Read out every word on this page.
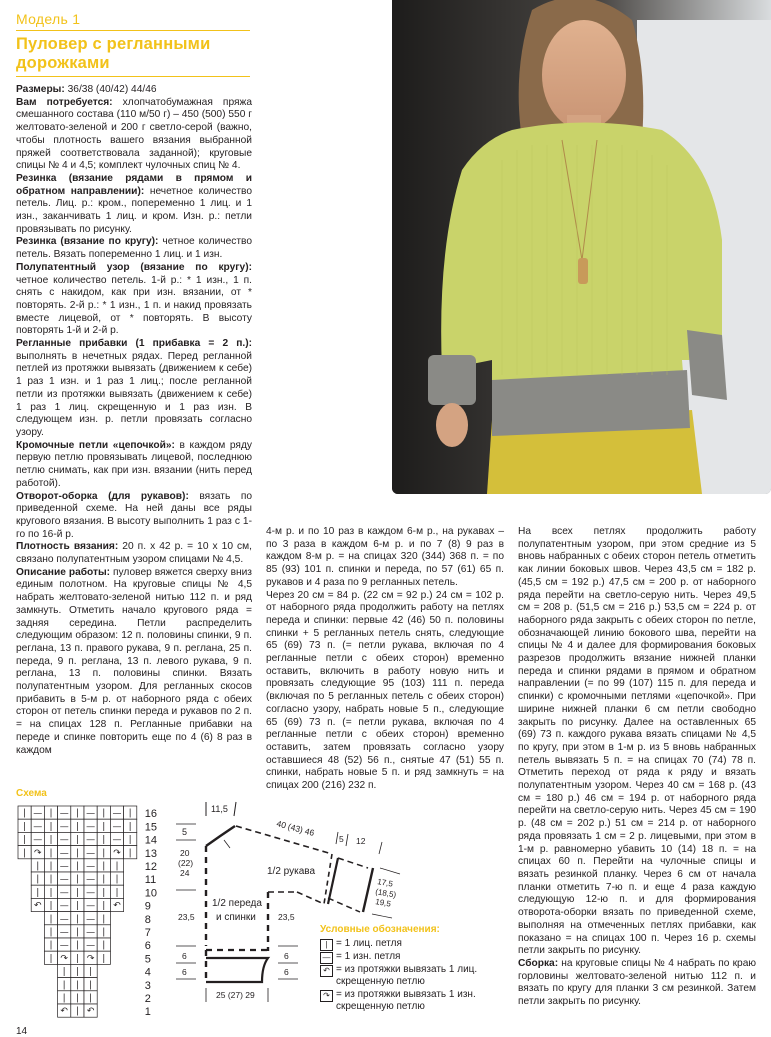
Модель 1
Пуловер с регланными дорожками

Размеры: 36/38 (40/42) 44/46

Вам потребуется: хлопчатобумажная пряжа смешанного состава (110 м/50 г) – 450 (500) 550 г желтовато-зеленой и 200 г светло-серой (важно, чтобы плотность вашего вязания выбранной пряжей соответствовала заданной); круговые спицы № 4 и 4,5; комплект чулочных спиц № 4.

Резинка (вязание рядами в прямом и обратном направлении): нечетное количество петель. Лиц. р.: кром., попеременно 1 лиц. и 1 изн., заканчивать 1 лиц. и кром. Изн. р.: петли провязывать по рисунку.

Резинка (вязание по кругу): четное количество петель. Вязать попеременно 1 лиц. и 1 изн.

Полупатентный узор (вязание по кругу): четное количество петель. 1-й р.: * 1 изн., 1 п. снять с накидом, как при изн. вязании, от * повторять. 2-й р.: * 1 изн., 1 п. и накид провязать вместе лицевой, от * повторять. В высоту повторять 1-й и 2-й р.

Регланные прибавки (1 прибавка = 2 п.): выполнять в нечетных рядах. Перед регланной петлей из протяжки вывязать (движением к себе) 1 раз 1 изн. и 1 раз 1 лиц.; после регланной петли из протяжки вывязать (движением к себе) 1 раз 1 лиц. скрещенную и 1 раз изн. В следующем изн. р. петли провязать согласно узору.

Кромочные петли «цепочкой»: в каждом ряду первую петлю провязывать лицевой, последнюю петлю снимать, как при изн. вязании (нить перед работой).

Отворот-оборка (для рукавов): вязать по приведенной схеме. На ней даны все ряды кругового вязания. В высоту выполнить 1 раз с 1-го по 16-й р.

Плотность вязания: 20 п. х 42 р. = 10 х 10 см, связано полупатентным узором спицами № 4,5.

Описание работы: пуловер вяжется сверху вниз единым полотном. На круговые спицы № 4,5 набрать желтовато-зеленой нитью 112 п. и ряд замкнуть. Отметить начало кругового ряда = задняя середина. Петли распределить следующим образом: 12 п. половины спинки, 9 п. реглана, 13 п. правого рукава, 9 п. реглана, 25 п. переда, 9 п. реглана, 13 п. левого рукава, 9 п. реглана, 13 п. половины спинки. Вязать полупатентным узором. Для регланных скосов прибавить в 5-м р. от наборного ряда с обеих сторон от петель спинки переда и рукавов по 2 п. = на спицах 128 п. Регланные прибавки на переде и спинке повторить еще по 4 (6) 8 раз в каждом

4-м р. и по 10 раз в каждом 6-м р., на рукавах – по 3 раза в каждом 6-м р. и по 7 (8) 9 раз в каждом 8-м р. = на спицах 320 (344) 368 п. = по 85 (93) 101 п. спинки и переда, по 57 (61) 65 п. рукавов и 4 раза по 9 регланных петель.

Через 20 см = 84 р. (22 см = 92 р.) 24 см = 102 р. от наборного ряда продолжить работу на петлях переда и спинки: первые 42 (46) 50 п. половины спинки + 5 регланных петель снять, следующие 65 (69) 73 п. (= петли рукава, включая по 4 регланные петли с обеих сторон) временно оставить, включить в работу новую нить и провязать следующие 95 (103) 111 п. переда (включая по 5 регланных петель с обеих сторон) согласно узору, набрать новые 5 п., следующие 65 (69) 73 п. (= петли рукава, включая по 4 регланные петли с обеих сторон) временно оставить, затем провязать согласно узору оставшиеся 48 (52) 56 п., снятые 47 (51) 55 п. спинки, набрать новые 5 п. и ряд замкнуть = на спицах 200 (216) 232 п.

На всех петлях продолжить работу полупатентным узором, при этом средние из 5 вновь набранных с обеих сторон петель отметить как линии боковых швов. Через 43,5 см = 182 р. (45,5 см = 192 р.) 47,5 см = 200 р. от наборного ряда перейти на светло-серую нить. Через 49,5 см = 208 р. (51,5 см = 216 р.) 53,5 см = 224 р. от наборного ряда закрыть с обеих сторон по петле, обозначающей линию бокового шва, перейти на спицы № 4 и далее для формирования боковых разрезов продолжить вязание нижней планки переда и спинки рядами в прямом и обратном направлении (= по 99 (107) 115 п. для переда и спинки) с кромочными петлями «цепочкой». При ширине нижней планки 6 см петли свободно закрыть по рисунку. Далее на оставленных 65 (69) 73 п. каждого рукава вязать спицами № 4,5 по кругу, при этом в 1-м р. из 5 вновь набранных петель вывязать 5 п. = на спицах 70 (74) 78 п. Отметить переход от ряда к ряду и вязать полупатентным узором. Через 40 см = 168 р. (43 см = 180 р.) 46 см = 194 р. от наборного ряда перейти на светло-серую нить. Через 45 см = 190 р. (48 см = 202 р.) 51 см = 214 р. от наборного ряда провязать 1 см = 2 р. лицевыми, при этом в 1-м р. равномерно убавить 10 (14) 18 п. = на спицах 60 п. Перейти на чулочные спицы и вязать резинкой планку. Через 6 см от начала планки отметить 7-ю п. и еще 4 раза каждую следующую 12-ю п. и для формирования отворота-оборки вязать по приведенной схеме, выполняя на отмеченных петлях прибавки, как показано = на спицах 100 п. Через 16 р. схемы петли закрыть по рисунку.

Сборка: на круговые спицы № 4 набрать по краю горловины желтовато-зеленой нитью 112 п. и вязать по кругу для планки 3 см резинкой. Затем петли закрыть по рисунку.

Схема
| — | — | — | — | 16
| — | — | — | — | 15
| — | — | — | — | 14
| ↷ | — | — | ↷ | 13
| | — | — | | 12
| | — | — | | 11
| | — | — | | 10
↶ | — | — | ↶ 9
| — | — |	8
| — | — |	7
| — | — |	6
| ↷ | ↷ |	5
| | |	4
| | |	3
| | |	2
↶ | ↶	1
11,5
5	40 (43) 46
20
(22)
24	1/2 рукава
5 12
17,5
(18,5)
19,5
1/2 переда
и спинки
23,5	23,5
6
6
6
6
25 (27) 29
Условные обозначения:
| = 1 лиц. петля
— = 1 изн. петля
↶ = из протяжки вывязать 1 лиц. скрещенную петлю
↷ = из протяжки вывязать 1 изн. скрещенную петлю
14
